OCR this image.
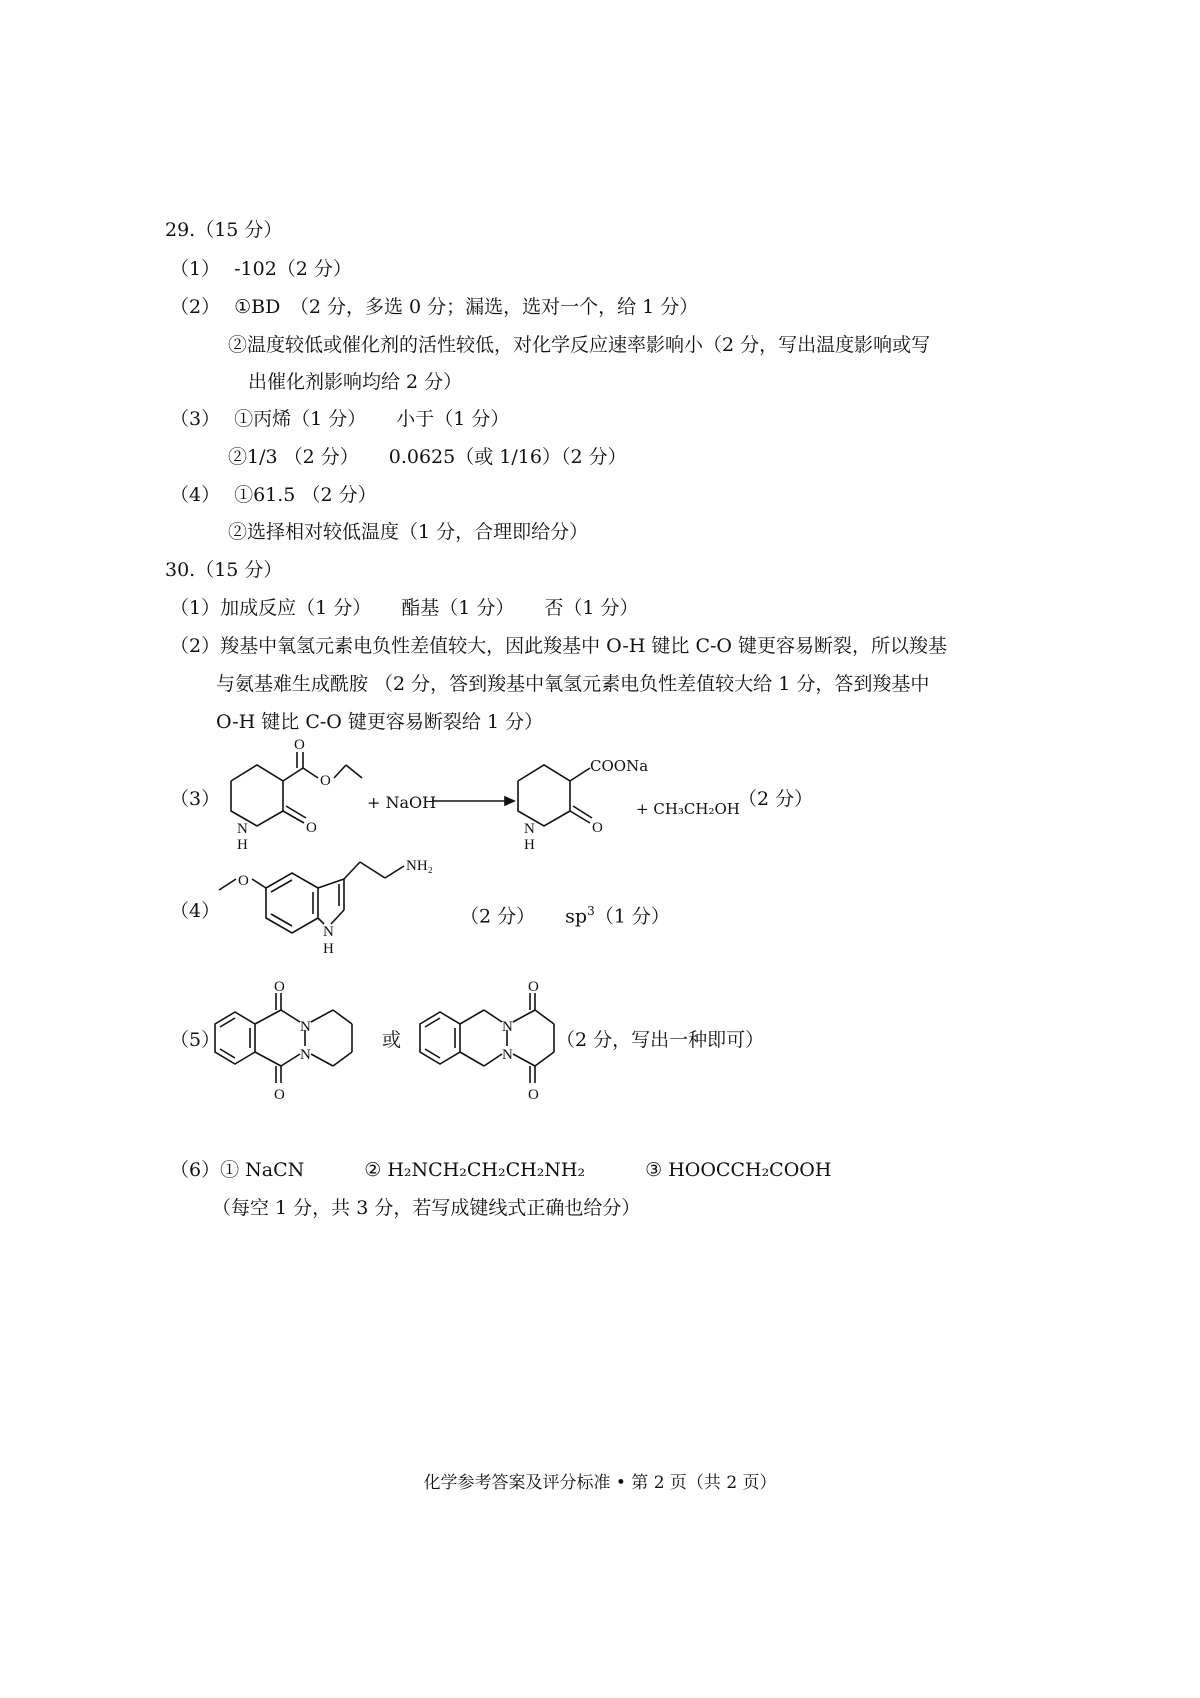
29.（15 分）
（1） -102（2 分）
（2） ①BD　（2 分，多选 0 分；漏选，选对一个，给 1 分）
②温度较低或催化剂的活性较低，对化学反应速率影响小（2 分，写出温度影响或写
出催化剂影响均给 2 分）
（3） ①丙烯（1 分） 小于（1 分）
②1/3 （2 分） 0.0625（或 1/16）（2 分）
（4） ①61.5 （2 分）
②选择相对较低温度（1 分，合理即给分）
30.（15 分）
（1）加成反应（1 分） 酯基（1 分） 否（1 分）
（2）羧基中氧氢元素电负性差值较大，因此羧基中 O-H 键比 C-O 键更容易断裂，所以羧基
与氨基难生成酰胺 （2 分，答到羧基中氧氢元素电负性差值较大给 1 分，答到羧基中
O-H 键比 C-O 键更容易断裂给 1 分）
（3）
O
O
O
N
H
+ NaOH
O
N
H
COONa
+ CH₃CH₂OH
（2 分）
（4）
O
NH₂
N
H
（2 分） $sp^3(1$ 分）
（5）
O
O
N
N
或
O
O
N
N
（2 分，写出一种即可）
（6）① NaCN	② H₂NCH₂CH₂CH₂NH₂	③ HOOCCH₂COOH
（每空 1 分，共 3 分，若写成键线式正确也给分）
化学参考答案及评分标准 • 第 2 页（共 2 页）
